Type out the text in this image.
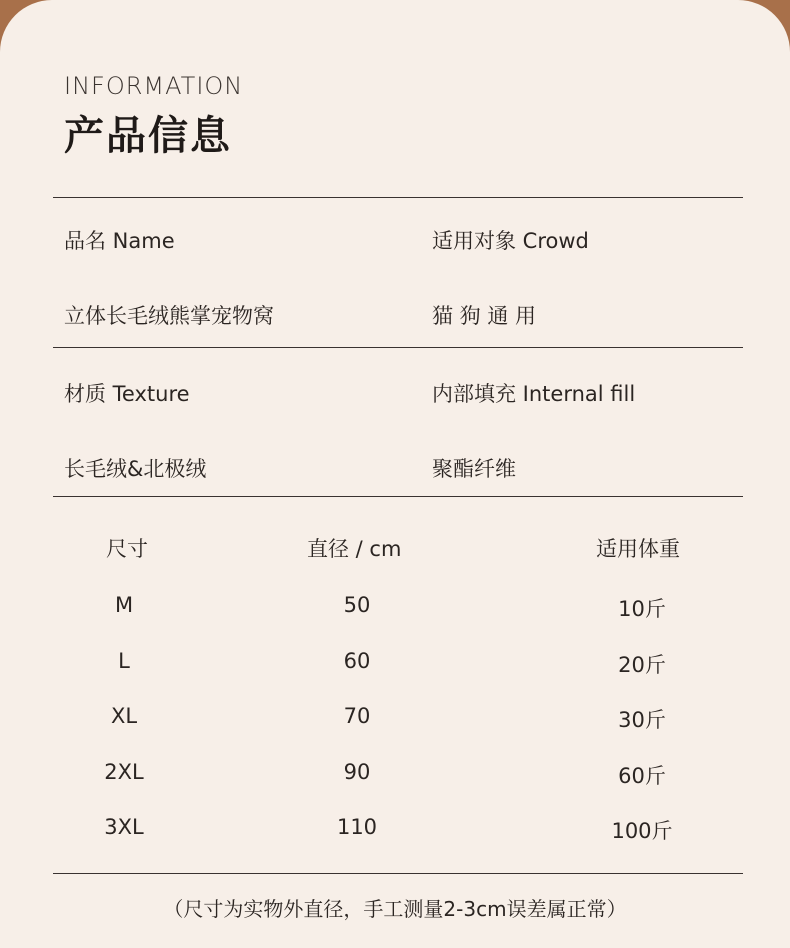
INFORMATION
产品信息
品名 Name	适用对象 Crowd
立体长毛绒熊掌宠物窝	猫 狗 通 用
材质 Texture	内部填充 Internal fill
长毛绒&北极绒	聚酯纤维
尺寸	直径 / cm	适用体重
M	50	10斤
L	60	20斤
XL	70	30斤
2XL	90	60斤
3XL	110	100斤
（尺寸为实物外直径，手工测量2-3cm误差属正常）
